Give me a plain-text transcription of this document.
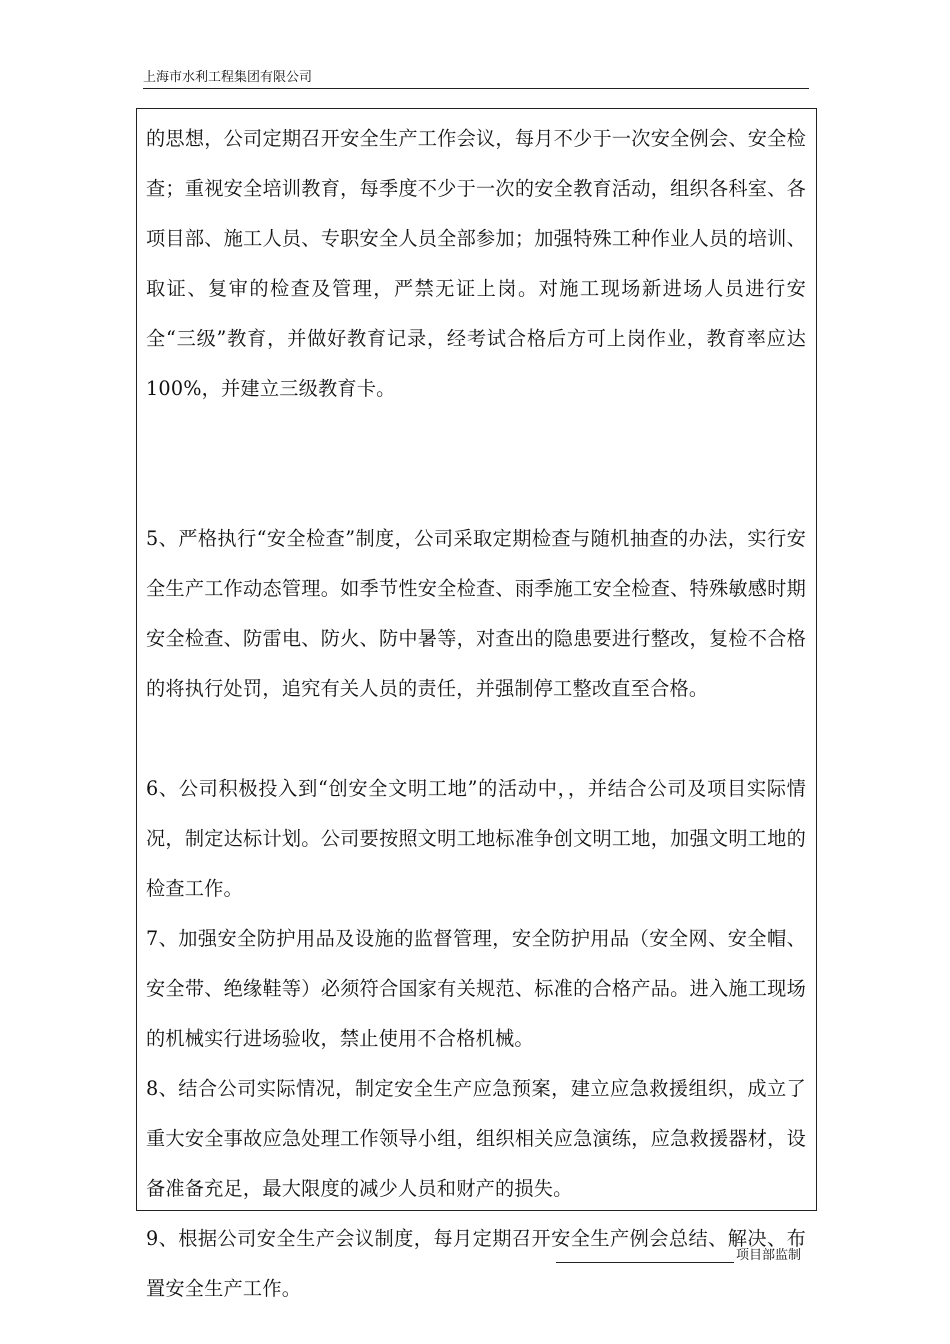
上海市水利工程集团有限公司

的思想，公司定期召开安全生产工作会议，每月不少于一次安全例会、安全检查；重视安全培训教育，每季度不少于一次的安全教育活动，组织各科室、各项目部、施工人员、专职安全人员全部参加；加强特殊工种作业人员的培训、取证、复审的检查及管理，严禁无证上岗。对施工现场新进场人员进行安全“三级”教育，并做好教育记录，经考试合格后方可上岗作业，教育率应达100%，并建立三级教育卡。

5、严格执行“安全检查”制度，公司采取定期检查与随机抽查的办法，实行安全生产工作动态管理。如季节性安全检查、雨季施工安全检查、特殊敏感时期安全检查、防雷电、防火、防中暑等，对查出的隐患要进行整改，复检不合格的将执行处罚，追究有关人员的责任，并强制停工整改直至合格。

6、公司积极投入到“创安全文明工地”的活动中，，并结合公司及项目实际情况，制定达标计划。公司要按照文明工地标准争创文明工地，加强文明工地的检查工作。

7、加强安全防护用品及设施的监督管理，安全防护用品（安全网、安全帽、安全带、绝缘鞋等）必须符合国家有关规范、标准的合格产品。进入施工现场的机械实行进场验收，禁止使用不合格机械。

8、结合公司实际情况，制定安全生产应急预案，建立应急救援组织，成立了重大安全事故应急处理工作领导小组，组织相关应急演练，应急救援器材，设备准备充足，最大限度的减少人员和财产的损失。

9、根据公司安全生产会议制度，每月定期召开安全生产例会总结、解决、布置安全生产工作。

项目部监制
